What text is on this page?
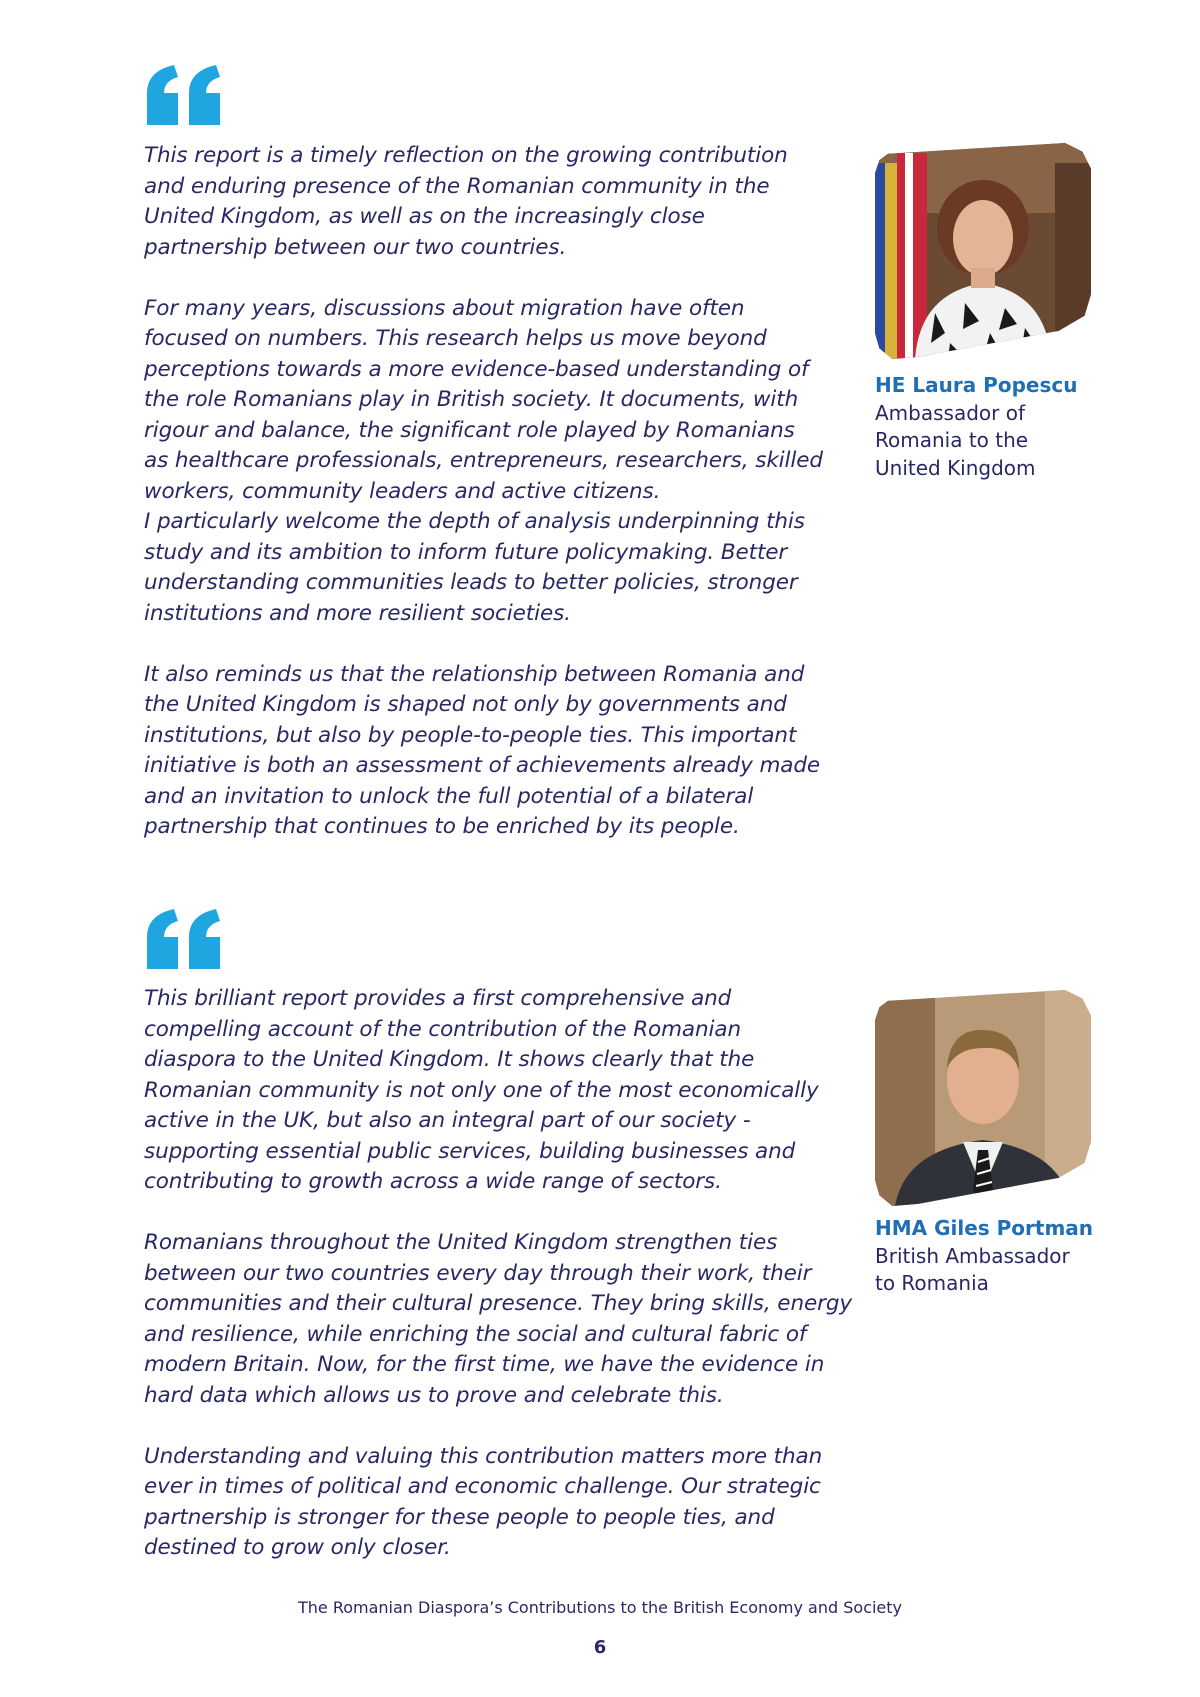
This report is a timely reflection on the growing contribution
and enduring presence of the Romanian community in the
United Kingdom, as well as on the increasingly close
partnership between our two countries.

For many years, discussions about migration have often
focused on numbers. This research helps us move beyond
perceptions towards a more evidence-based understanding of
the role Romanians play in British society. It documents, with
rigour and balance, the significant role played by Romanians
as healthcare professionals, entrepreneurs, researchers, skilled
workers, community leaders and active citizens.

I particularly welcome the depth of analysis underpinning this
study and its ambition to inform future policymaking. Better
understanding communities leads to better policies, stronger
institutions and more resilient societies.

It also reminds us that the relationship between Romania and
the United Kingdom is shaped not only by governments and
institutions, but also by people-to-people ties. This important
initiative is both an assessment of achievements already made
and an invitation to unlock the full potential of a bilateral
partnership that continues to be enriched by its people.

HE Laura Popescu
Ambassador of
Romania to the
United Kingdom

This brilliant report provides a first comprehensive and
compelling account of the contribution of the Romanian
diaspora to the United Kingdom. It shows clearly that the
Romanian community is not only one of the most economically
active in the UK, but also an integral part of our society -
supporting essential public services, building businesses and
contributing to growth across a wide range of sectors.

Romanians throughout the United Kingdom strengthen ties
between our two countries every day through their work, their
communities and their cultural presence. They bring skills, energy
and resilience, while enriching the social and cultural fabric of
modern Britain. Now, for the first time, we have the evidence in
hard data which allows us to prove and celebrate this.

Understanding and valuing this contribution matters more than
ever in times of political and economic challenge. Our strategic
partnership is stronger for these people to people ties, and
destined to grow only closer.

HMA Giles Portman
British Ambassador
to Romania
The Romanian Diaspora’s Contributions to the British Economy and Society
6
